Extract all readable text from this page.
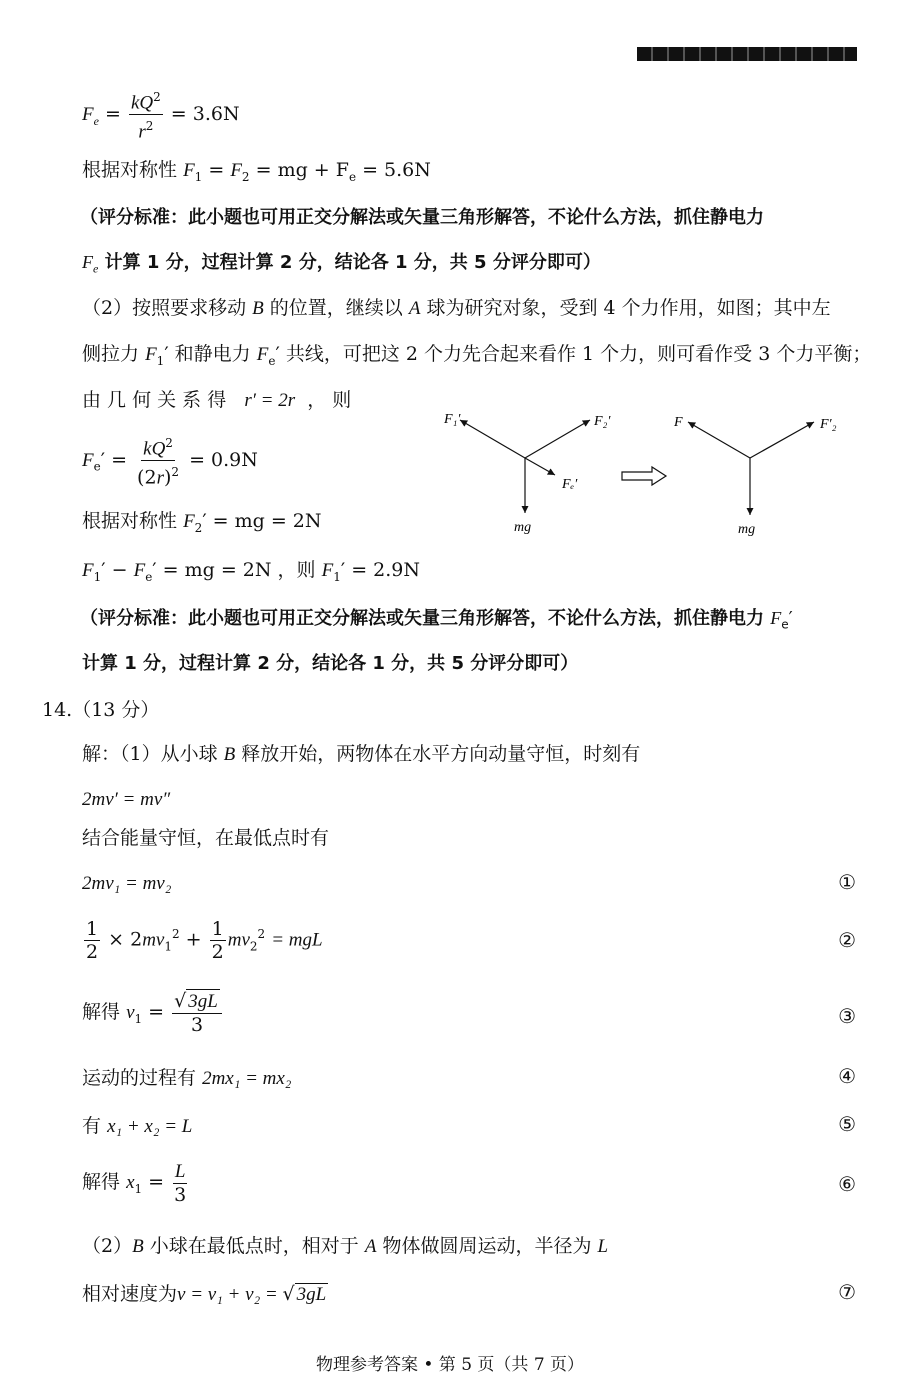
$F_e = \frac{kQ^2}{r^2} = 3.6N$
根据对称性 $F_1 = F_2$ = mg + $F_e = 5.6N$
（评分标准：此小题也可用正交分解法或矢量三角形解答，不论什么方法，抓住静电力
$F_e$ 计算 1 分，过程计算 2 分，结论各 1 分，共 5 分评分即可）
（2）按照要求移动 B 的位置，继续以 A 球为研究对象，受到 4 个力作用，如图；其中左
侧拉力 $F_1'$ 和静电力 $F_e'$ 共线，可把这 2 个力先合起来看作 1 个力，则可看作受 3 个力平衡；
由 几 何 关 系 得 r′ = 2r ， 则
$F_e' = \frac{kQ^2}{(2r)^2} = 0.9N$
根据对称性 $F_2'$ = mg = 2N
$F_1' - F_e'$ = mg = 2N ，则 $F_1' = 2.9N$
F₁′	F₂′
Fₑ′
mg
F	F′₂
mg
（评分标准：此小题也可用正交分解法或矢量三角形解答，不论什么方法，抓住静电力 $F_e'$
计算 1 分，过程计算 2 分，结论各 1 分，共 5 分评分即可）
14.（13 分）
解：（1）从小球 B 释放开始，两物体在水平方向动量守恒，时刻有
2mv′ = mv″
结合能量守恒，在最低点时有
2mv₁ = mv₂	①
$\frac{1}{2} \times 2mv_1^2 + \frac{1}{2} mv_2^2$ = mgL	②
解得 $v_1 = \frac{√ 3gL}{3}$	③
运动的过程有 2mx₁ = mx₂	④
有 x₁ + x₂ = L	⑤
解得 $x_1 = \frac{L}{3}$	⑥
（2）B 小球在最低点时，相对于 A 物体做圆周运动，半径为 L
相对速度为v = v₁ + v₂ = √ 3gL	⑦
物理参考答案 • 第 5 页（共 7 页）
